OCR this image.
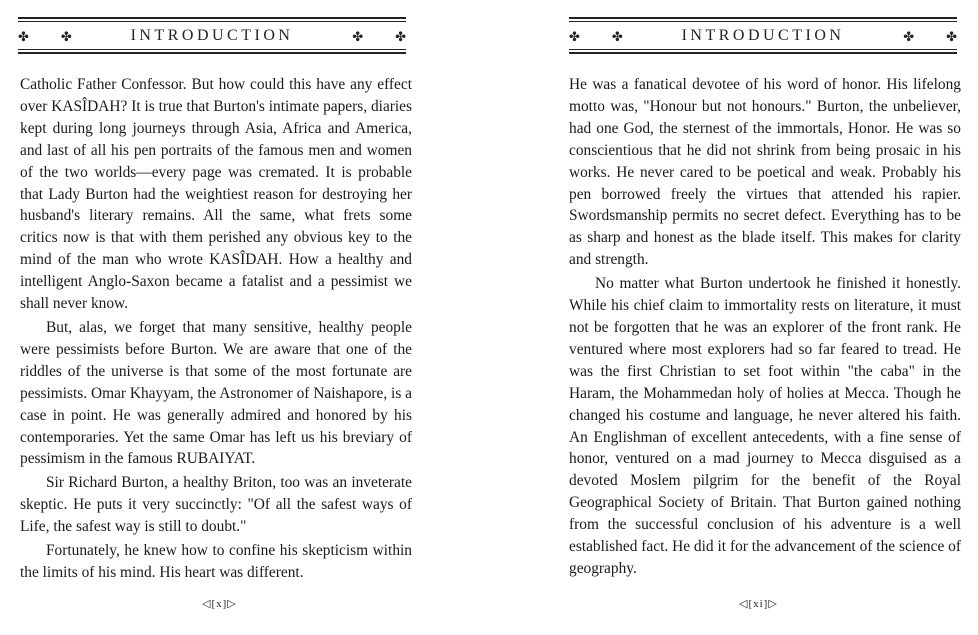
✤ ✤	INTRODUCTION	✤ ✤

Catholic Father Confessor. But how could this have any effect over KASÎDAH? It is true that Burton's intimate papers, diaries kept during long journeys through Asia, Africa and America, and last of all his pen portraits of the famous men and women of the two worlds—every page was cremated. It is probable that Lady Burton had the weightiest reason for destroying her husband's literary remains. All the same, what frets some critics now is that with them perished any obvious key to the mind of the man who wrote KASÎDAH. How a healthy and intelligent Anglo-Saxon became a fatalist and a pessimist we shall never know.

But, alas, we forget that many sensitive, healthy people were pessimists before Burton. We are aware that one of the riddles of the universe is that some of the most fortunate are pessimists. Omar Khayyam, the Astronomer of Naishapore, is a case in point. He was generally admired and honored by his contemporaries. Yet the same Omar has left us his breviary of pessimism in the famous RUBAIYAT.

Sir Richard Burton, a healthy Briton, too was an inveterate skeptic. He puts it very succinctly: "Of all the safest ways of Life, the safest way is still to doubt."

Fortunately, he knew how to confine his skepticism within the limits of his mind. His heart was different.

◁[x]▷
✤ ✤	INTRODUCTION	✤ ✤

He was a fanatical devotee of his word of honor. His lifelong motto was, "Honour but not honours." Burton, the unbeliever, had one God, the sternest of the immortals, Honor. He was so conscientious that he did not shrink from being prosaic in his works. He never cared to be poetical and weak. Probably his pen borrowed freely the virtues that attended his rapier. Swordsmanship permits no secret defect. Everything has to be as sharp and honest as the blade itself. This makes for clarity and strength.

No matter what Burton undertook he finished it honestly. While his chief claim to immortality rests on literature, it must not be forgotten that he was an explorer of the front rank. He ventured where most explorers had so far feared to tread. He was the first Christian to set foot within "the caba" in the Haram, the Mohammedan holy of holies at Mecca. Though he changed his costume and language, he never altered his faith. An Englishman of excellent antecedents, with a fine sense of honor, ventured on a mad journey to Mecca disguised as a devoted Moslem pilgrim for the benefit of the Royal Geographical Society of Britain. That Burton gained nothing from the successful conclusion of his adventure is a well established fact. He did it for the advancement of the science of geography.

◁[xi]▷
